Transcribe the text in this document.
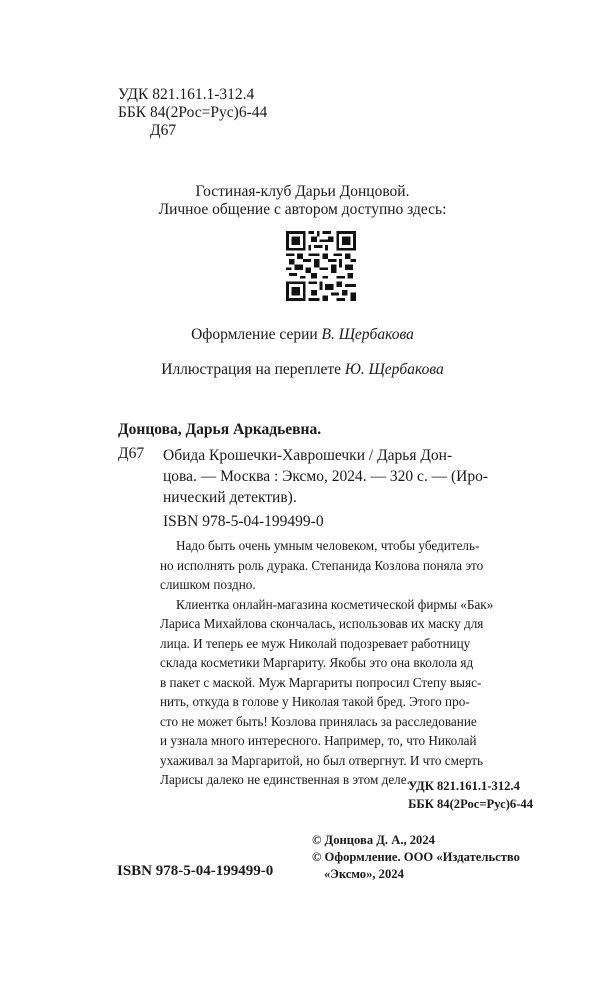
УДК 821.161.1-312.4
ББК 84(2Рос=Рус)6-44
Д67
Гостиная-клуб Дарьи Донцовой.
Личное общение с автором доступно здесь:
Оформление серии В. Щербакова
Иллюстрация на переплете Ю. Щербакова
Донцова, Дарья Аркадьевна.
Д67 Обида Крошечки-Хаврошечки / Дарья Дон-
цова. — Москва : Эксмо, 2024. — 320 с. — (Иро-
нический детектив).
ISBN 978-5-04-199499-0
Надо быть очень умным человеком, чтобы убедитель-
но исполнять роль дурака. Степанида Козлова поняла это
слишком поздно.
Клиентка онлайн-магазина косметической фирмы «Бак»
Лариса Михайлова скончалась, использовав их маску для
лица. И теперь ее муж Николай подозревает работницу
склада косметики Маргариту. Якобы это она вколола яд
в пакет с маской. Муж Маргариты попросил Степу выяс-
нить, откуда в голове у Николая такой бред. Этого про-
сто не может быть! Козлова принялась за расследование
и узнала много интересного. Например, то, что Николай
ухаживал за Маргаритой, но был отвергнут. И что смерть
Ларисы далеко не единственная в этом деле...
УДК 821.161.1-312.4
ББК 84(2Рос=Рус)6-44
© Донцова Д. А., 2024
© Оформление. ООО «Издательство
«Эксмо», 2024
ISBN 978-5-04-199499-0
